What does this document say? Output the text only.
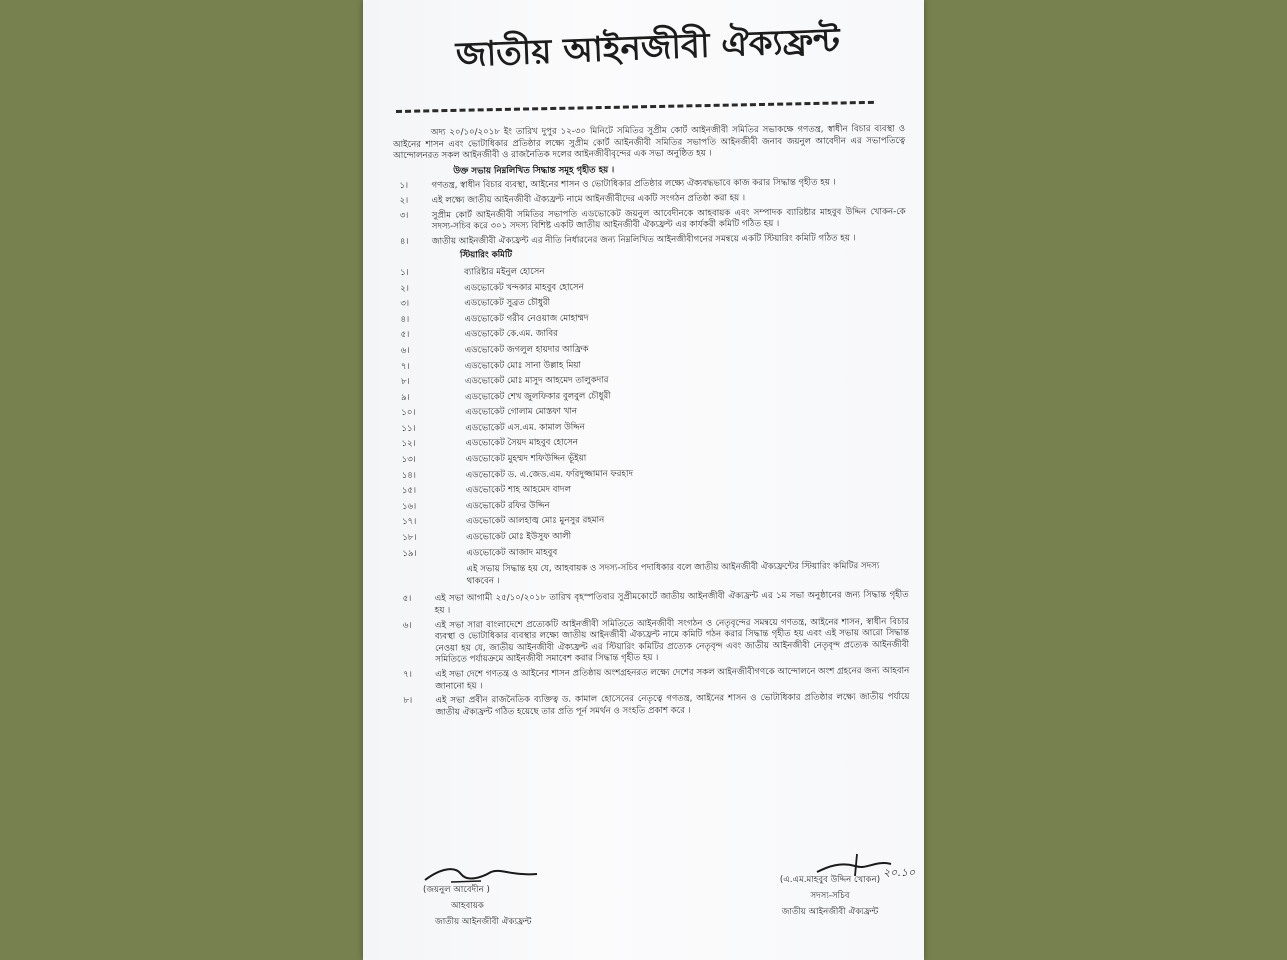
জাতীয় আইনজীবী ঐক্যফ্রন্ট

অদ্য ২০/১০/২০১৮ ইং তারিখ দুপুর ১২-৩০ মিনিটে সমিতির সুপ্রীম কোর্ট আইনজীবী সমিতির সভাকক্ষে গণতন্ত্র, স্বাধীন বিচার ব্যবস্থা ও আইনের শাসন এবং ভোটাধিকার প্রতিষ্ঠার লক্ষ্যে সুপ্রীম কোর্ট আইনজীবী সমিতির সভাপতি আইনজীবী জনাব জয়নুল আবেদীন এর সভাপতিত্বে আন্দোলনরত সকল আইনজীবী ও রাজনৈতিক দলের আইনজীবীবৃন্দের এক সভা অনুষ্ঠিত হয় ।

উক্ত সভায় নিম্নলিখিত সিদ্ধান্ত সমূহ গৃহীত হয় ।
১।	গণতন্ত্র, স্বাধীন বিচার ব্যবস্থা, আইনের শাসন ও ভোটাধিকার প্রতিষ্ঠার লক্ষ্যে ঐক্যবদ্ধভাবে কাজ করার সিদ্ধান্ত গৃহীত হয় ।
২।	এই লক্ষ্যে জাতীয় আইনজীবী ঐক্যফ্রন্ট নামে আইনজীবীদের একটি সংগঠন প্রতিষ্ঠা করা হয় ।
৩।	সুপ্রীম কোর্ট আইনজীবী সমিতির সভাপতি এডভোকেট জয়নুল আবেদীনকে আহবায়ক এবং সম্পাদক ব্যারিষ্টার মাহবুব উদ্দিন খোকন-কে সদস্য-সচিব করে ৩০১ সদস্য বিশিষ্ট একটি জাতীয় আইনজীবী ঐক্যফ্রন্ট এর কার্যকরী কমিটি গঠিত হয় ।
৪।	জাতীয় আইনজীবী ঐক্যফ্রন্ট এর নীতি নির্ধারনের জন্য নিম্নলিখিত আইনজীবীগনের সমন্বয়ে একটি স্টিয়ারিং কমিটি গঠিত হয় ।
স্টিয়ারিং কমিটি
১।	ব্যারিষ্টার মইনুল হোসেন
২।	এডভোকেট খন্দকার মাহবুব হোসেন
৩।	এডভোকেট সুব্রত চৌধুরী
৪।	এডভোকেট গরীব নেওয়াজ মোহাম্মদ
৫।	এডভোকেট কে.এম. জাবির
৬।	এডভোকেট জগলুল হায়দার আফ্রিক
৭।	এডভোকেট মোঃ সানা উল্লাহ মিয়া
৮।	এডভোকেট মোঃ মাসুদ আহমেদ তালুকদার
৯।	এডভোকেট শেখ জুলফিকার বুলবুল চৌধুরী
১০।	এডভোকেট গোলাম মোস্তফা খান
১১।	এডভোকেট এস.এম. কামাল উদ্দিন
১২।	এডভোকেট সৈয়দ মাহবুব হোসেন
১৩।	এডভোকেট মুহম্মদ শফিউদ্দিন ভূঁইয়া
১৪।	এডভোকেট ড. এ.জেড.এম. ফরিদুজ্জামান ফরহাদ
১৫।	এডভোকেট শাহ আহমেদ বাদল
১৬।	এডভোকেট রফির উদ্দিন
১৭।	এডভোকেট আলহাজ্ব মোঃ মুনসুর রহমান
১৮।	এডভোকেট মোঃ ইউসুফ আলী
১৯।	এডভোকেট আজাদ মাহবুব
এই সভায় সিদ্ধান্ত হয় যে, আহবায়ক ও সদস্য-সচিব পদাধিকার বলে জাতীয় আইনজীবী ঐক্যফ্রন্টের স্টিয়ারিং কমিটির সদস্য থাকবেন ।
৫।	এই সভা আগামী ২৫/১০/২০১৮ তারিখ বৃহস্পতিবার সুপ্রীমকোর্টে জাতীয় আইনজীবী ঐক্যফ্রন্ট এর ১ম সভা অনুষ্ঠানের জন্য সিদ্ধান্ত গৃহীত হয় ।
৬।	এই সভা সারা বাংলাদেশে প্রত্যেকটি আইনজীবী সমিতিতে আইনজীবী সংগঠন ও নেতৃবৃন্দের সমন্বয়ে গণতন্ত্র, আইনের শাসন, স্বাধীন বিচার ব্যবস্থা ও ভোটাধিকার ব্যবস্থার লক্ষ্যে জাতীয় আইনজীবী ঐক্যফ্রন্ট নামে কমিটি গঠন করার সিদ্ধান্ত গৃহীত হয় এবং এই সভায় আরো সিদ্ধান্ত নেওয়া হয় যে, জাতীয় আইনজীবী ঐক্যফ্রন্ট এর স্টিয়ারিং কমিটির প্রত্যেক নেতৃবৃন্দ এবং জাতীয় আইনজীবী নেতৃবৃন্দ প্রত্যেক আইনজীবী সমিতিতে পর্যায়ক্রমে আইনজীবী সমাবেশ করার সিদ্ধান্ত গৃহীত হয় ।
৭।	এই সভা দেশে গণতন্ত্র ও আইনের শাসন প্রতিষ্ঠায় অংশগ্রহনরত লক্ষ্যে দেশের সকল আইনজীবীগণকে আন্দোলনে অংশ গ্রহনের জন্য আহবান জানানো হয় ।
৮।	এই সভা প্রবীন রাজনৈতিক ব্যক্তিত্ব ড. কামাল হোসেনের নেতৃত্বে গণতন্ত্র, আইনের শাসন ও ভোটাধিকার প্রতিষ্ঠার লক্ষ্যে জাতীয় পর্যায়ে জাতীয় ঐক্যফ্রন্ট গঠিত হয়েছে তার প্রতি পূর্ন সমর্থন ও সংহতি প্রকাশ করে ।
(জয়নুল আবেদীন )
আহবায়ক
জাতীয় আইনজীবী ঐক্যফ্রন্ট
২০.১০
(এ.এম.মাহবুব উদ্দিন খোকন)
সদস্য-সচিব
জাতীয় আইনজীবী ঐক্যফ্রন্ট
